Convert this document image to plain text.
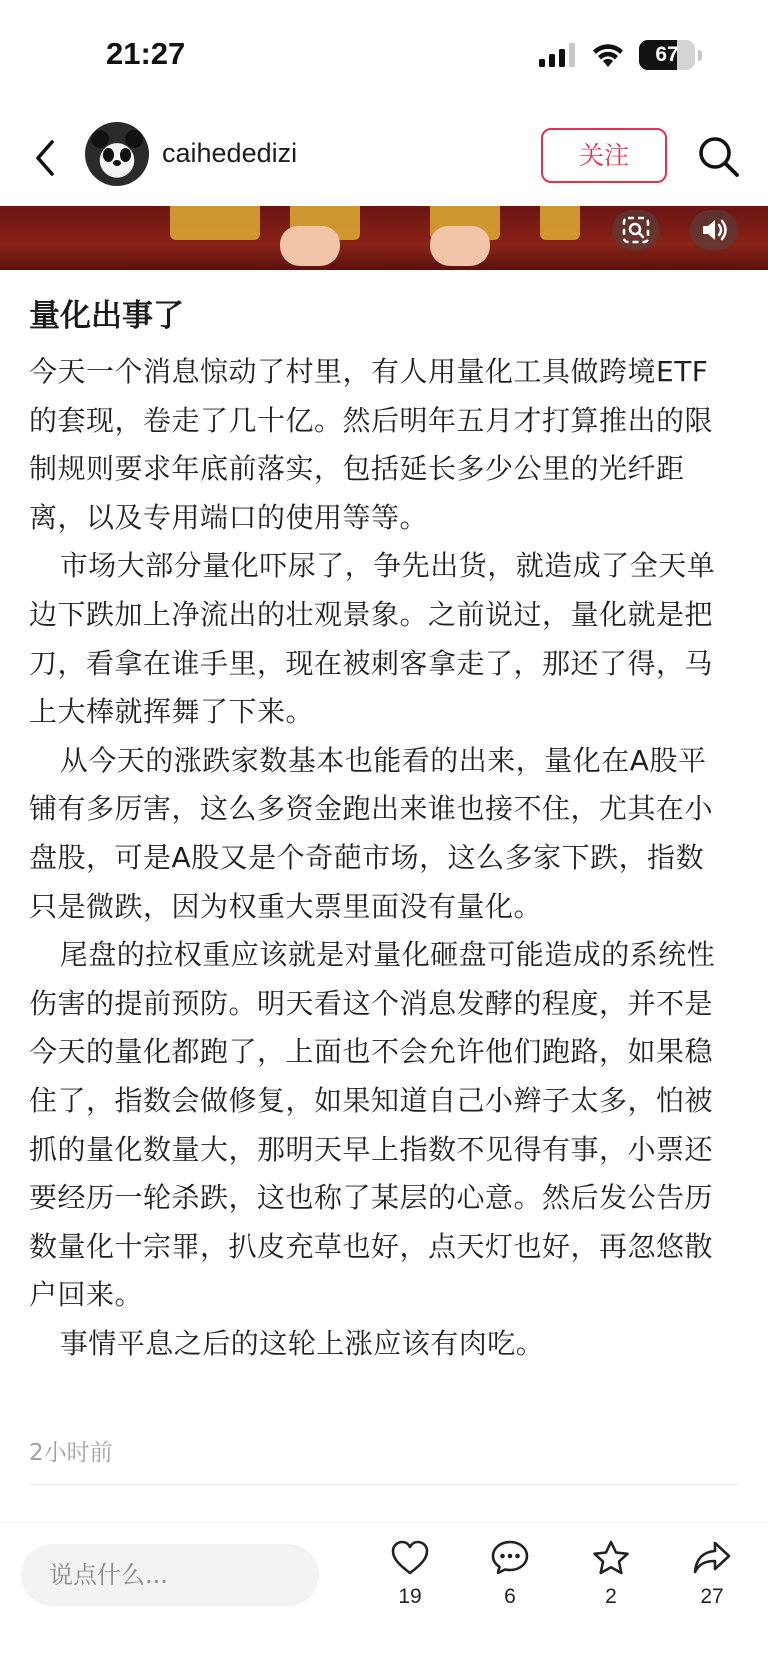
21:27	67
caihededizi	关注
量化出事了

今天一个消息惊动了村里，有人用量化工具做跨境ETF的套现，卷走了几十亿。然后明年五月才打算推出的限制规则要求年底前落实，包括延长多少公里的光纤距离，以及专用端口的使用等等。

市场大部分量化吓尿了，争先出货，就造成了全天单边下跌加上净流出的壮观景象。之前说过，量化就是把刀，看拿在谁手里，现在被刺客拿走了，那还了得，马上大棒就挥舞了下来。

从今天的涨跌家数基本也能看的出来，量化在A股平铺有多厉害，这么多资金跑出来谁也接不住，尤其在小盘股，可是A股又是个奇葩市场，这么多家下跌，指数只是微跌，因为权重大票里面没有量化。

尾盘的拉权重应该就是对量化砸盘可能造成的系统性伤害的提前预防。明天看这个消息发酵的程度，并不是今天的量化都跑了，上面也不会允许他们跑路，如果稳住了，指数会做修复，如果知道自己小辫子太多，怕被抓的量化数量大，那明天早上指数不见得有事，小票还要经历一轮杀跌，这也称了某层的心意。然后发公告历数量化十宗罪，扒皮充草也好，点天灯也好，再忽悠散户回来。

事情平息之后的这轮上涨应该有肉吃。

2小时前
说点什么...
19	6	2	27
